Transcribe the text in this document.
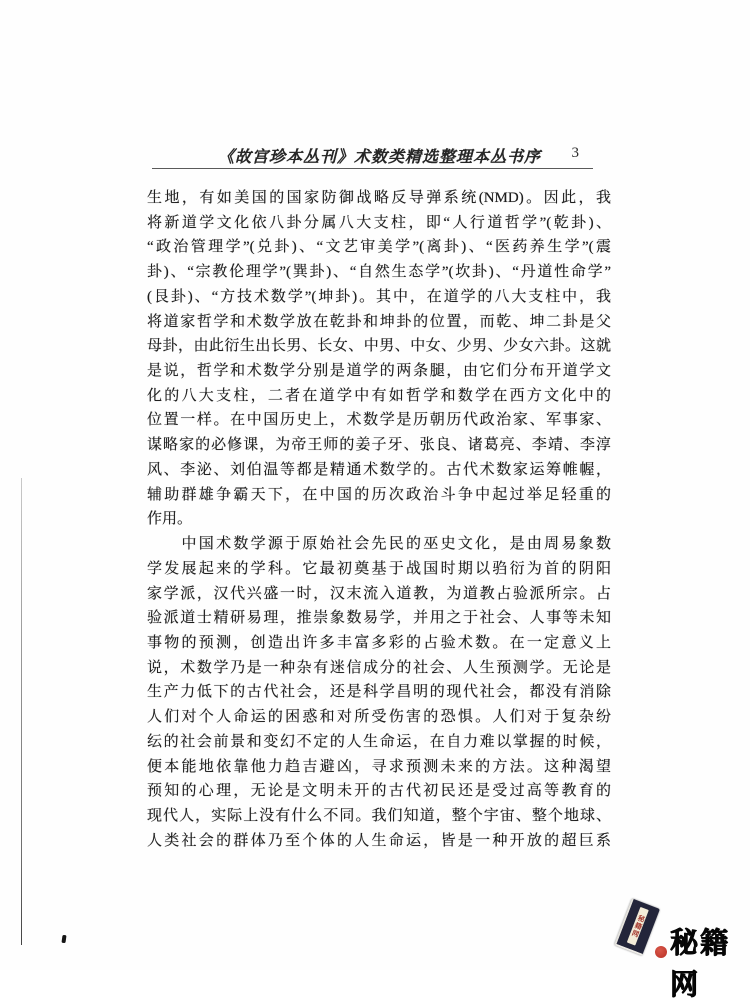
《故宫珍本丛刊》术数类精选整理本丛书序	3
生地，有如美国的国家防御战略反导弹系统(NMD)。因此，我
将新道学文化依八卦分属八大支柱，即“人行道哲学”(乾卦)、
“政治管理学”(兑卦)、“文艺审美学”(离卦)、“医药养生学”(震
卦)、“宗教伦理学”(巽卦)、“自然生态学”(坎卦)、“丹道性命学”
(艮卦)、“方技术数学”(坤卦)。其中，在道学的八大支柱中，我
将道家哲学和术数学放在乾卦和坤卦的位置，而乾、坤二卦是父
母卦，由此衍生出长男、长女、中男、中女、少男、少女六卦。这就
是说，哲学和术数学分别是道学的两条腿，由它们分布开道学文
化的八大支柱，二者在道学中有如哲学和数学在西方文化中的
位置一样。在中国历史上，术数学是历朝历代政治家、军事家、
谋略家的必修课，为帝王师的姜子牙、张良、诸葛亮、李靖、李淳
风、李泌、刘伯温等都是精通术数学的。古代术数家运筹帷幄，
辅助群雄争霸天下，在中国的历次政治斗争中起过举足轻重的
作用。
　　中国术数学源于原始社会先民的巫史文化，是由周易象数
学发展起来的学科。它最初奠基于战国时期以驺衍为首的阴阳
家学派，汉代兴盛一时，汉末流入道教，为道教占验派所宗。占
验派道士精研易理，推崇象数易学，并用之于社会、人事等未知
事物的预测，创造出许多丰富多彩的占验术数。在一定意义上
说，术数学乃是一种杂有迷信成分的社会、人生预测学。无论是
生产力低下的古代社会，还是科学昌明的现代社会，都没有消除
人们对个人命运的困惑和对所受伤害的恐惧。人们对于复杂纷
纭的社会前景和变幻不定的人生命运，在自力难以掌握的时候，
便本能地依靠他力趋吉避凶，寻求预测未来的方法。这种渴望
预知的心理，无论是文明未开的古代初民还是受过高等教育的
现代人，实际上没有什么不同。我们知道，整个宇宙、整个地球、
人类社会的群体乃至个体的人生命运，皆是一种开放的超巨系
秘籍网
秘籍网
